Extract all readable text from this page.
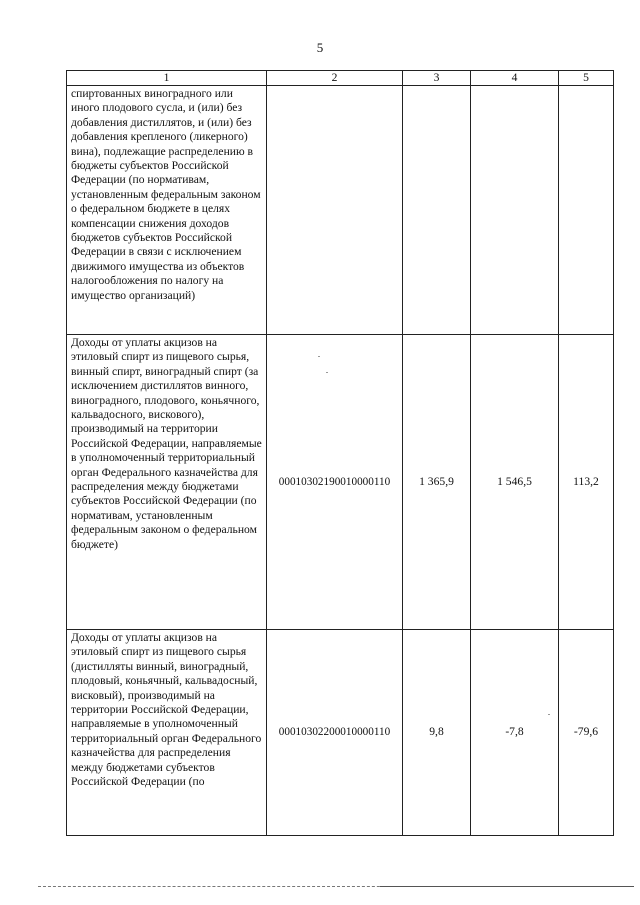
5
1	2	3	4	5
спиртованных виноградного или иного плодового сусла, и (или) без добавления дистиллятов, и (или) без добавления крепленого (ликерного) вина), подлежащие распределению в бюджеты субъектов Российской Федерации (по нормативам, установленным федеральным законом о федеральном бюджете в целях компенсации снижения доходов бюджетов субъектов Российской Федерации в связи с исключением движимого имущества из объектов налогообложения по налогу на имущество организаций)				
Доходы от уплаты акцизов на этиловый спирт из пищевого сырья, винный спирт, виноградный спирт (за исключением дистиллятов винного, виноградного, плодового, коньячного, кальвадосного, вискового), производимый на территории Российской Федерации, направляемые в уполномоченный территориальный орган Федерального казначейства для распределения между бюджетами субъектов Российской Федерации (по нормативам, установленным федеральным законом о федеральном бюджете)	00010302190010000110	1 365,9	1 546,5	113,2
Доходы от уплаты акцизов на этиловый спирт из пищевого сырья (дистилляты винный, виноградный, плодовый, коньячный, кальвадосный, висковый), производимый на территории Российской Федерации, направляемые в уполномоченный территориальный орган Федерального казначейства для распределения между бюджетами субъектов Российской Федерации (по	00010302200010000110	9,8	-7,8	-79,6
